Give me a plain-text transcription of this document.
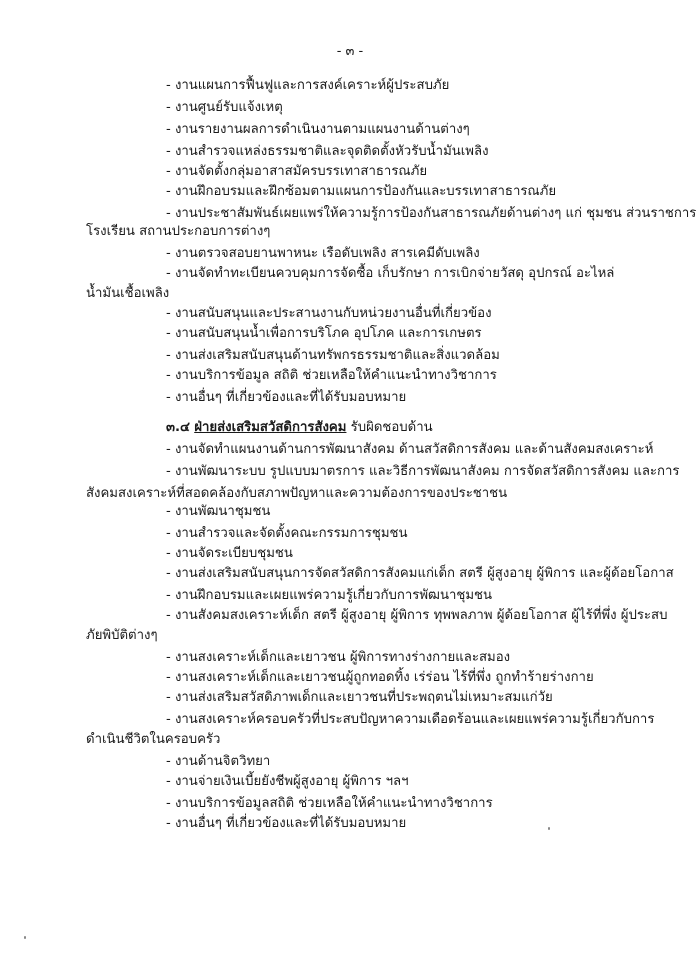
- ๓ -
- งานแผนการฟื้นฟูและการสงค์เคราะห์ผู้ประสบภัย
- งานศูนย์รับแจ้งเหตุ
- งานรายงานผลการดำเนินงานตามแผนงานด้านต่างๆ
- งานสำรวจแหล่งธรรมชาติและจุดติดตั้งหัวรับน้ำมันเพลิง
- งานจัดตั้งกลุ่มอาสาสมัครบรรเทาสาธารณภัย
- งานฝึกอบรมและฝึกซ้อมตามแผนการป้องกันและบรรเทาสาธารณภัย
- งานประชาสัมพันธ์เผยแพร่ให้ความรู้การป้องกันสาธารณภัยด้านต่างๆ แก่ ชุมชน ส่วนราชการ
โรงเรียน สถานประกอบการต่างๆ
- งานตรวจสอบยานพาหนะ เรือดับเพลิง สารเคมีดับเพลิง
- งานจัดทำทะเบียนควบคุมการจัดซื้อ เก็บรักษา การเบิกจ่ายวัสดุ อุปกรณ์ อะไหล่
น้ำมันเชื้อเพลิง
- งานสนับสนุนและประสานงานกับหน่วยงานอื่นที่เกี่ยวข้อง
- งานสนับสนุนน้ำเพื่อการบริโภค อุปโภค และการเกษตร
- งานส่งเสริมสนับสนุนด้านทรัพกรธรรมชาติและสิ่งแวดล้อม
- งานบริการข้อมูล สถิติ ช่วยเหลือให้คำแนะนำทางวิชาการ
- งานอื่นๆ ที่เกี่ยวข้องและที่ได้รับมอบหมาย
๓.๔ ฝ่ายส่งเสริมสวัสดิการสังคม รับผิดชอบด้าน
- งานจัดทำแผนงานด้านการพัฒนาสังคม ด้านสวัสดิการสังคม และด้านสังคมสงเคราะห์
- งานพัฒนาระบบ รูปแบบมาตรการ และวิธีการพัฒนาสังคม การจัดสวัสดิการสังคม และการ
สังคมสงเคราะห์ที่สอดคล้องกับสภาพปัญหาและความต้องการของประชาชน
- งานพัฒนาชุมชน
- งานสำรวจและจัดตั้งคณะกรรมการชุมชน
- งานจัดระเบียบชุมชน
- งานส่งเสริมสนับสนุนการจัดสวัสดิการสังคมแก่เด็ก สตรี ผู้สูงอายุ ผู้พิการ และผู้ด้อยโอกาส
- งานฝึกอบรมและเผยแพร่ความรู้เกี่ยวกับการพัฒนาชุมชน
- งานสังคมสงเคราะห์เด็ก สตรี ผู้สูงอายุ ผู้พิการ ทุพพลภาพ ผู้ด้อยโอกาส ผู้ไร้ที่พึ่ง ผู้ประสบ
ภัยพิบัติต่างๆ
- งานสงเคราะห์เด็กและเยาวชน ผู้พิการทางร่างกายและสมอง
- งานสงเคราะห์เด็กและเยาวชนผู้ถูกทอดทิ้ง เร่ร่อน ไร้ที่พึ่ง ถูกทำร้ายร่างกาย
- งานส่งเสริมสวัสดิภาพเด็กและเยาวชนที่ประพฤตนไม่เหมาะสมแก่วัย
- งานสงเคราะห์ครอบครัวที่ประสบปัญหาความเดือดร้อนและเผยแพร่ความรู้เกี่ยวกับการ
ดำเนินชีวิตในครอบครัว
- งานด้านจิตวิทยา
- งานจ่ายเงินเบี้ยยังชีพผู้สูงอายุ ผู้พิการ ฯลฯ
- งานบริการข้อมูลสถิติ ช่วยเหลือให้คำแนะนำทางวิชาการ
- งานอื่นๆ ที่เกี่ยวข้องและที่ได้รับมอบหมาย
